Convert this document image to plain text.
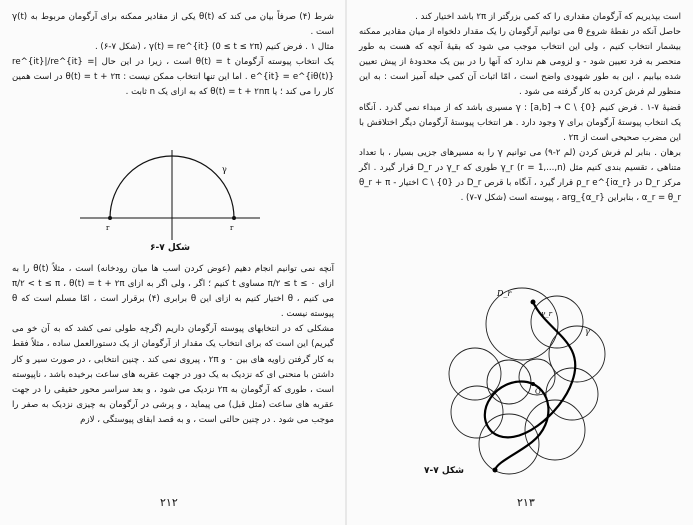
شرط (۴) صرفاً بیان می کند که θ(t) یکی از مقادیر ممکنه برای آرگومان مربوط به γ(t) است .

مثال ۱ . فرض کنیم γ(t) = re^{it} (0 ≤ t ≤ ۲π) ، (شکل ۷-۶) .

یک انتخاب پیوسته آرگومان θ(t) = t است ، زیرا در این حال |re^{it}|/re^{it} = e^{it} = e^{iθ(t)} . اما این تنها انتخاب ممکن نیست : θ(t) = t + ۲π در است همین کار را می کند ؛ یا θ(t) = t + ۲nπ که به ازای یک n ثابت .

γ
r	r
شکل ۷-۶

آنچه نمی توانیم انجام دهیم (عوض کردن اسب ها میان رودخانه) است ، مثلاً θ(t) را به ازای π/۲ ≤ t ≤ ۰ مساوی t کنیم ؛ اگر ، ولی اگر به ازای π/۲ < t ≤ π ، θ(t) = t + ۲π می کنیم ، θ اختیار کنیم به ازای این θ برابری (۴) برقرار است ، امّا مسلم است که θ پیوسته نیست .

مشکلی که در انتخابهای پیوسته آرگومان داریم (گرچه طولی نمی کشد که به آن خو می گیریم) این است که برای انتخاب یک مقدار از آرگومان از یک دستورالعمل ساده ، مثلاً فقط به کار گرفتن زاویه های بین ۰ و ۲π ، پیروی نمی کند . چنین انتخابی ، در صورت سیر و کار داشتن با منحنی ای که نزدیک به یک دور در جهت عقربه های ساعت برخیده باشد ، ناپیوسته است ، طوری که آرگومان به ۲π نزدیک می شود ، و بعد سراسر محور حقیقی را در جهت عقربه های ساعت (مثل قبل) می پیماید ، و پرشی در آرگومان به چیزی نزدیک به صفر را موجب می شود . در چنین حالتی است ، و به قصد ابقای پیوستگی ، لازم

۲۱۲

است بپذیریم که آرگومان مقداری را که کمی بزرگتر از ۲π باشد اختیار کند .

حاصل آنکه در نقطهٔ شروع θ می توانیم آرگومان را یک مقدار دلخواه از میان مقادیر ممکنه بیشمار انتخاب کنیم ، ولی این انتخاب موجب می شود که بقیهٔ آنچه که هست به طور منحصر به فرد تعیین شود - و لزومی هم ندارد که آنها را در بین یک محدودهٔ از پیش تعیین شده بیابیم ، این به طور شهودی واضح است ، امّا اثبات آن کمی حیله آمیز است : به این منظور لم فرش کردن به کار گرفته می شود .

قضیهٔ ۷-۱ . فرض کنیم γ : [a,b] → C \ {0} مسیری باشد که از مبداء نمی گذرد . آنگاه یک انتخاب پیوستهٔ آرگومان برای γ وجود دارد . هر انتخاب پیوستهٔ آرگومان دیگر اختلافش با این مضرب صحیحی است از ۲π .

برهان . بنابر لم فرش کردن (لم ۲-۹) می توانیم γ را به مسیرهای جزیی بسیار ، با تعداد متناهی ، تقسیم بندی کنیم مثل γ_r (r = 1,...,n) طوری که γ_r در D_r قرار گیرد . اگر مرکز D_r در ρ_r e^{iα_r} قرار گیرد ، آنگاه با قرص D_r در C \ {0} اختیار θ_r + π - α_r = θ_r ، بنابراین arg_{α_r} ، پیوسته است (شکل ۷-۷) .

D_r
γ_r
γ
O
شکل ۷-۷
۲۱۳
